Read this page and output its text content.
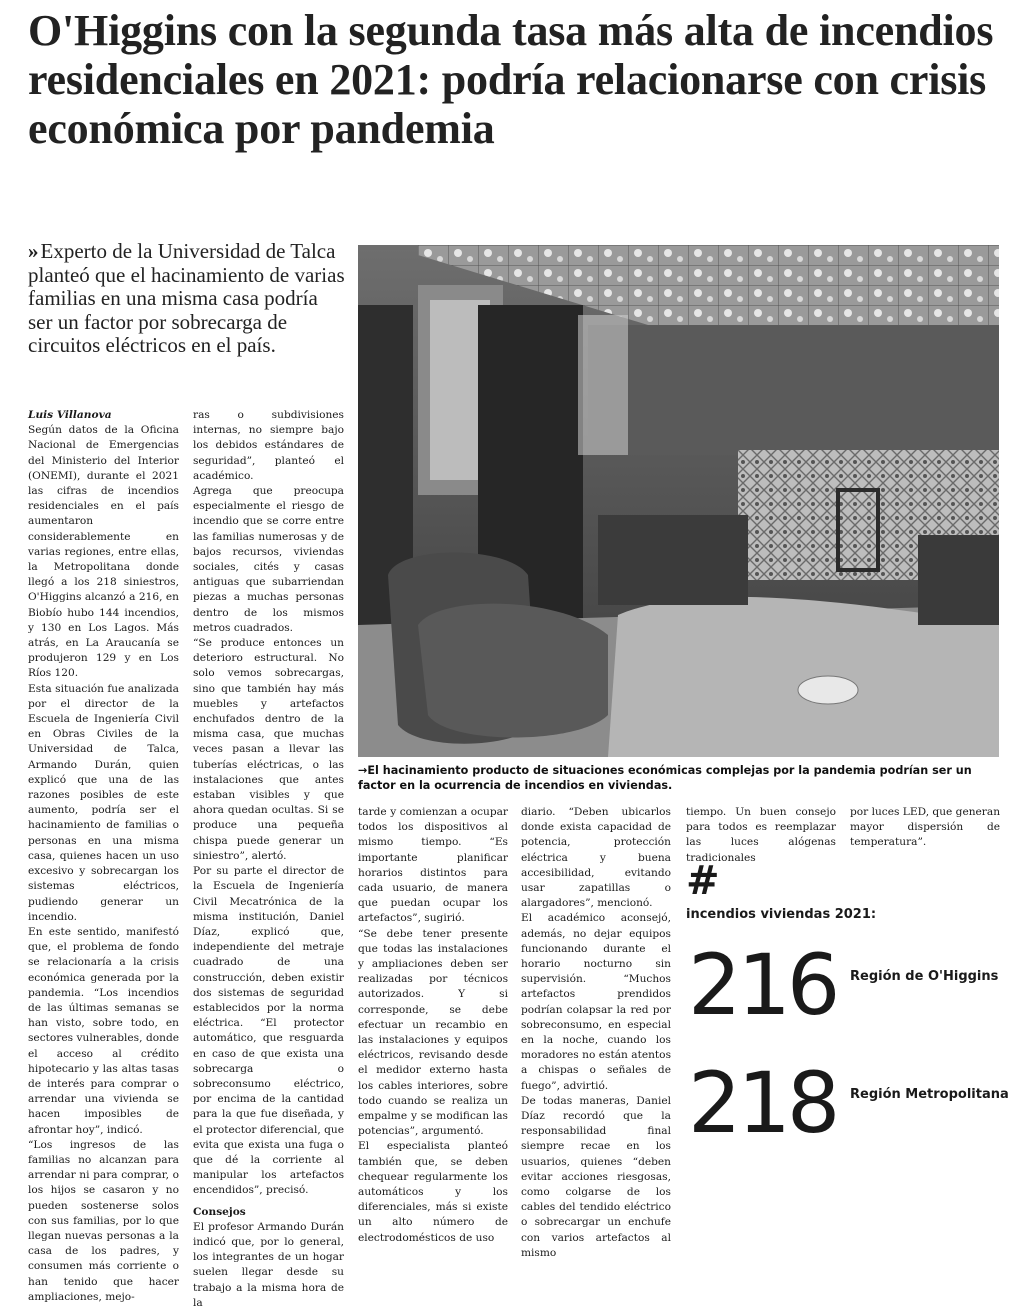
O'Higgins con la segunda tasa más alta de incendios residenciales en 2021: podría relacionarse con crisis económica por pandemia
»Experto de la Universidad de Talca planteó que el hacinamiento de varias familias en una misma casa podría ser un factor por sobrecarga de circuitos eléctricos en el país.
→El hacinamiento producto de situaciones económicas complejas por la pandemia podrían ser un factor en la ocurrencia de incendios en viviendas.

Luis Villanova

Según datos de la Oficina Nacional de Emergencias del Ministerio del Interior (ONEMI), durante el 2021 las cifras de incendios residenciales en el país aumentaron considerablemente en varias regiones, entre ellas, la Metropolitana donde llegó a los 218 siniestros, O'Higgins alcanzó a 216, en Biobío hubo 144 incendios, y 130 en Los Lagos. Más atrás, en La Araucanía se produjeron 129 y en Los Ríos 120.

Esta situación fue analizada por el director de la Escuela de Ingeniería Civil en Obras Civiles de la Universidad de Talca, Armando Durán, quien explicó que una de las razones posibles de este aumento, podría ser el hacinamiento de familias o personas en una misma casa, quienes hacen un uso excesivo y sobrecargan los sistemas eléctricos, pudiendo generar un incendio.

En este sentido, manifestó que, el problema de fondo se relacionaría a la crisis económica generada por la pandemia. “Los incendios de las últimas semanas se han visto, sobre todo, en sectores vulnerables, donde el acceso al crédito hipotecario y las altas tasas de interés para comprar o arrendar una vivienda se hacen imposibles de afrontar hoy”, indicó.

“Los ingresos de las familias no alcanzan para arrendar ni para comprar, o los hijos se casaron y no pueden sostenerse solos con sus familias, por lo que llegan nuevas personas a la casa de los padres, y consumen más corriente o han tenido que hacer ampliaciones, mejo-

ras o subdivisiones internas, no siempre bajo los debidos estándares de seguridad”, planteó el académico.

Agrega que preocupa especialmente el riesgo de incendio que se corre entre las familias numerosas y de bajos recursos, viviendas sociales, cités y casas antiguas que subarriendan piezas a muchas personas dentro de los mismos metros cuadrados.

“Se produce entonces un deterioro estructural. No solo vemos sobrecargas, sino que también hay más muebles y artefactos enchufados dentro de la misma casa, que muchas veces pasan a llevar las tuberías eléctricas, o las instalaciones que antes estaban visibles y que ahora quedan ocultas. Si se produce una pequeña chispa puede generar un siniestro”, alertó.

Por su parte el director de la Escuela de Ingeniería Civil Mecatrónica de la misma institución, Daniel Díaz, explicó que, independiente del metraje cuadrado de una construcción, deben existir dos sistemas de seguridad establecidos por la norma eléctrica. “El protector automático, que resguarda en caso de que exista una sobrecarga o sobreconsumo eléctrico, por encima de la cantidad para la que fue diseñada, y el protector diferencial, que evita que exista una fuga o que dé la corriente al manipular los artefactos encendidos”, precisó.

Consejos

El profesor Armando Durán indicó que, por lo general, los integrantes de un hogar suelen llegar desde su trabajo a la misma hora de la

tarde y comienzan a ocupar todos los dispositivos al mismo tiempo. “Es importante planificar horarios distintos para cada usuario, de manera que puedan ocupar los artefactos”, sugirió.

“Se debe tener presente que todas las instalaciones y ampliaciones deben ser realizadas por técnicos autorizados. Y si corresponde, se debe efectuar un recambio en las instalaciones y equipos eléctricos, revisando desde el medidor externo hasta los cables interiores, sobre todo cuando se realiza un empalme y se modifican las potencias”, argumentó.

El especialista planteó también que, se deben chequear regularmente los automáticos y los diferenciales, más si existe un alto número de electrodomésticos de uso

diario. “Deben ubicarlos donde exista capacidad de potencia, protección eléctrica y buena accesibilidad, evitando usar zapatillas o alargadores”, mencionó.

El académico aconsejó, además, no dejar equipos funcionando durante el horario nocturno sin supervisión. “Muchos artefactos prendidos podrían colapsar la red por sobreconsumo, en especial en la noche, cuando los moradores no están atentos a chispas o señales de fuego”, advirtió.

De todas maneras, Daniel Díaz recordó que la responsabilidad final siempre recae en los usuarios, quienes “deben evitar acciones riesgosas, como colgarse de los cables del tendido eléctrico o sobrecargar un enchufe con varios artefactos al mismo

tiempo. Un buen consejo para todos es reemplazar las luces alógenas tradicionales

por luces LED, que generan mayor dispersión de temperatura”.

#
incendios viviendas 2021:
216 Región de O'Higgins
218 Región Metropolitana
